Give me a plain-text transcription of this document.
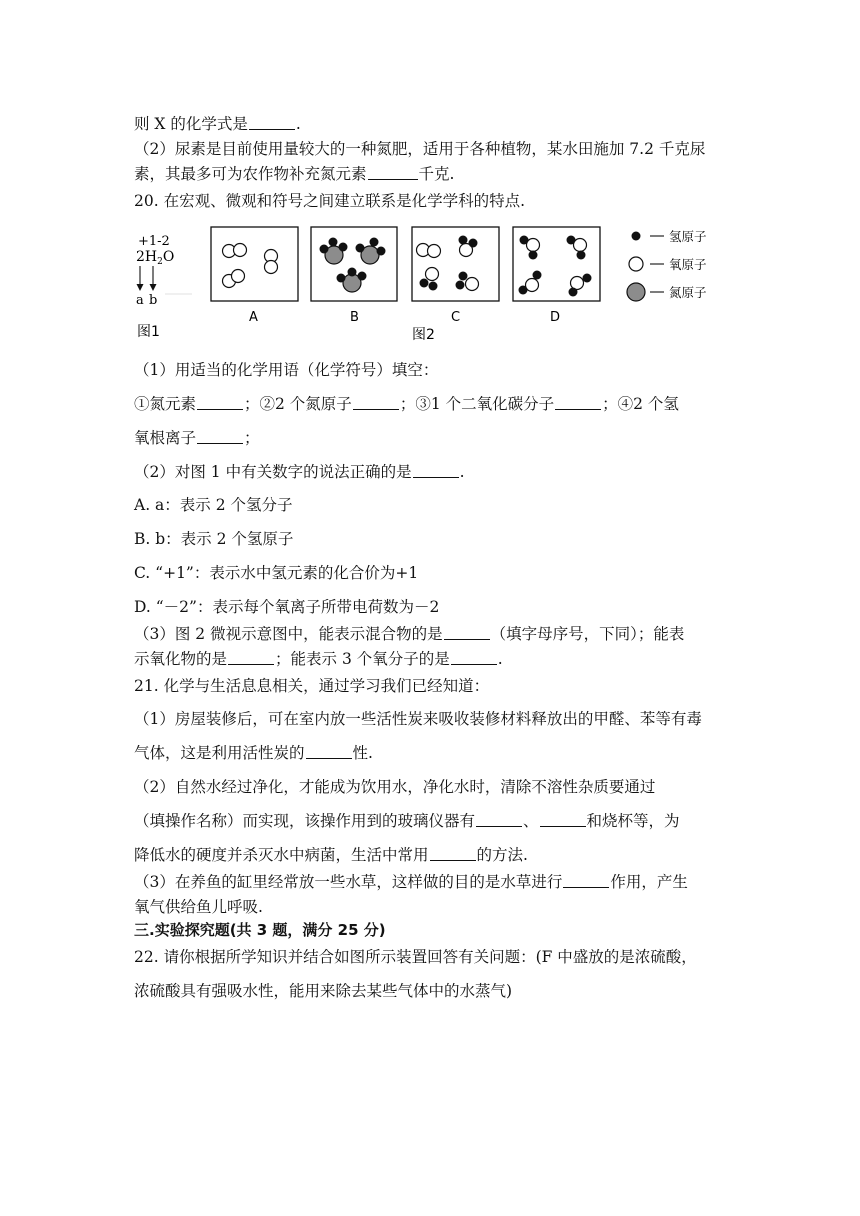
则 X 的化学式是	.
（2）尿素是目前使用量较大的一种氮肥，适用于各种植物，某水田施加 7.2 千克尿
素，其最多可为农作物补充氮元素	千克.
20. 在宏观、微观和符号之间建立联系是化学学科的特点.
+1-2
$2H_2O$
a b
图1
A	B	C	D
图2
氢原子
氧原子
氮原子
（1）用适当的化学用语（化学符号）填空：
①氮元素	；②2 个氮原子	；③1 个二氧化碳分子	；④2 个氢
氧根离子	；
（2）对图 1 中有关数字的说法正确的是	.
A. a：表示 2 个氢分子
B. b：表示 2 个氢原子
C. “+1”：表示水中氢元素的化合价为+1
D. “－2”：表示每个氧离子所带电荷数为－2
（3）图 2 微视示意图中，能表示混合物的是	（填字母序号，下同）；能表
示氧化物的是	；能表示 3 个氧分子的是	.
21. 化学与生活息息相关，通过学习我们已经知道：
（1）房屋装修后，可在室内放一些活性炭来吸收装修材料释放出的甲醛、苯等有毒
气体，这是利用活性炭的	性.
（2）自然水经过净化，才能成为饮用水，净化水时，清除不溶性杂质要通过
（填操作名称）而实现，该操作用到的玻璃仪器有	、	和烧杯等，为
降低水的硬度并杀灭水中病菌，生活中常用	的方法.
（3）在养鱼的缸里经常放一些水草，这样做的目的是水草进行	作用，产生
氧气供给鱼儿呼吸.
三.实验探究题(共 3 题，满分 25 分)
22. 请你根据所学知识并结合如图所示装置回答有关问题：(F 中盛放的是浓硫酸，
浓硫酸具有强吸水性，能用来除去某些气体中的水蒸气)
